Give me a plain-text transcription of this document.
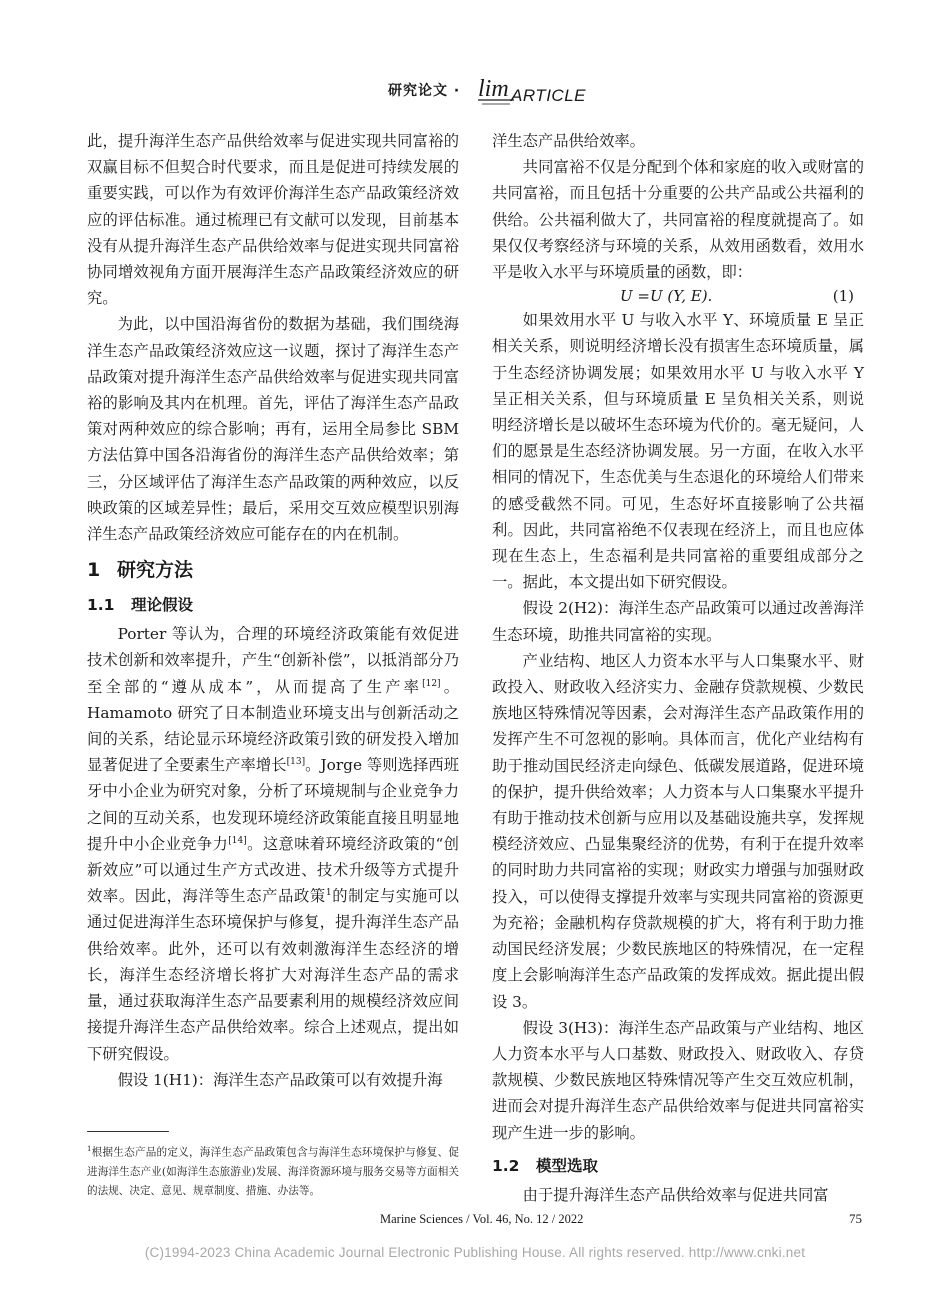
研究论文 · lim ARTICLE

此，提升海洋生态产品供给效率与促进实现共同富裕的双赢目标不但契合时代要求，而且是促进可持续发展的重要实践，可以作为有效评价海洋生态产品政策经济效应的评估标准。通过梳理已有文献可以发现，目前基本没有从提升海洋生态产品供给效率与促进实现共同富裕协同增效视角方面开展海洋生态产品政策经济效应的研究。

为此，以中国沿海省份的数据为基础，我们围绕海洋生态产品政策经济效应这一议题，探讨了海洋生态产品政策对提升海洋生态产品供给效率与促进实现共同富裕的影响及其内在机理。首先，评估了海洋生态产品政策对两种效应的综合影响；再有，运用全局参比 SBM 方法估算中国各沿海省份的海洋生态产品供给效率；第三，分区域评估了海洋生态产品政策的两种效应，以反映政策的区域差异性；最后，采用交互效应模型识别海洋生态产品政策经济效应可能存在的内在机制。

1 研究方法
1.1 理论假设

Porter 等认为，合理的环境经济政策能有效促进技术创新和效率提升，产生“创新补偿”，以抵消部分乃至全部的“遵从成本”，从而提高了生产率[12]。Hamamoto 研究了日本制造业环境支出与创新活动之间的关系，结论显示环境经济政策引致的研发投入增加显著促进了全要素生产率增长[13]。Jorge 等则选择西班牙中小企业为研究对象，分析了环境规制与企业竞争力之间的互动关系，也发现环境经济政策能直接且明显地提升中小企业竞争力[14]。这意味着环境经济政策的“创新效应”可以通过生产方式改进、技术升级等方式提升效率。因此，海洋等生态产品政策$^1$的制定与实施可以通过促进海洋生态环境保护与修复，提升海洋生态产品供给效率。此外，还可以有效刺激海洋生态经济的增长，海洋生态经济增长将扩大对海洋生态产品的需求量，通过获取海洋生态产品要素利用的规模经济效应间接提升海洋生态产品供给效率。综合上述观点，提出如下研究假设。

假设 1(H1)：海洋生态产品政策可以有效提升海

$^1$根据生态产品的定义，海洋生态产品政策包含与海洋生态环境保护与修复、促进海洋生态产业(如海洋生态旅游业)发展、海洋资源环境与服务交易等方面相关的法规、决定、意见、规章制度、措施、办法等。

洋生态产品供给效率。

共同富裕不仅是分配到个体和家庭的收入或财富的共同富裕，而且包括十分重要的公共产品或公共福利的供给。公共福利做大了，共同富裕的程度就提高了。如果仅仅考察经济与环境的关系，从效用函数看，效用水平是收入水平与环境质量的函数，即：

U =U (Y, E).	(1)

如果效用水平 U 与收入水平 Y、环境质量 E 呈正相关关系，则说明经济增长没有损害生态环境质量，属于生态经济协调发展；如果效用水平 U 与收入水平 Y 呈正相关关系，但与环境质量 E 呈负相关关系，则说明经济增长是以破坏生态环境为代价的。毫无疑问，人们的愿景是生态经济协调发展。另一方面，在收入水平相同的情况下，生态优美与生态退化的环境给人们带来的感受截然不同。可见，生态好坏直接影响了公共福利。因此，共同富裕绝不仅表现在经济上，而且也应体现在生态上，生态福利是共同富裕的重要组成部分之一。据此，本文提出如下研究假设。

假设 2(H2)：海洋生态产品政策可以通过改善海洋生态环境，助推共同富裕的实现。

产业结构、地区人力资本水平与人口集聚水平、财政投入、财政收入经济实力、金融存贷款规模、少数民族地区特殊情况等因素，会对海洋生态产品政策作用的发挥产生不可忽视的影响。具体而言，优化产业结构有助于推动国民经济走向绿色、低碳发展道路，促进环境的保护，提升供给效率；人力资本与人口集聚水平提升有助于推动技术创新与应用以及基础设施共享，发挥规模经济效应、凸显集聚经济的优势，有利于在提升效率的同时助力共同富裕的实现；财政实力增强与加强财政投入，可以使得支撑提升效率与实现共同富裕的资源更为充裕；金融机构存贷款规模的扩大，将有利于助力推动国民经济发展；少数民族地区的特殊情况，在一定程度上会影响海洋生态产品政策的发挥成效。据此提出假设 3。

假设 3(H3)：海洋生态产品政策与产业结构、地区人力资本水平与人口基数、财政投入、财政收入、存贷款规模、少数民族地区特殊情况等产生交互效应机制，进而会对提升海洋生态产品供给效率与促进共同富裕实现产生进一步的影响。

1.2 模型选取

由于提升海洋生态产品供给效率与促进共同富

Marine Sciences / Vol. 46, No. 12 / 2022	75
(C)1994-2023 China Academic Journal Electronic Publishing House. All rights reserved. http://www.cnki.net
